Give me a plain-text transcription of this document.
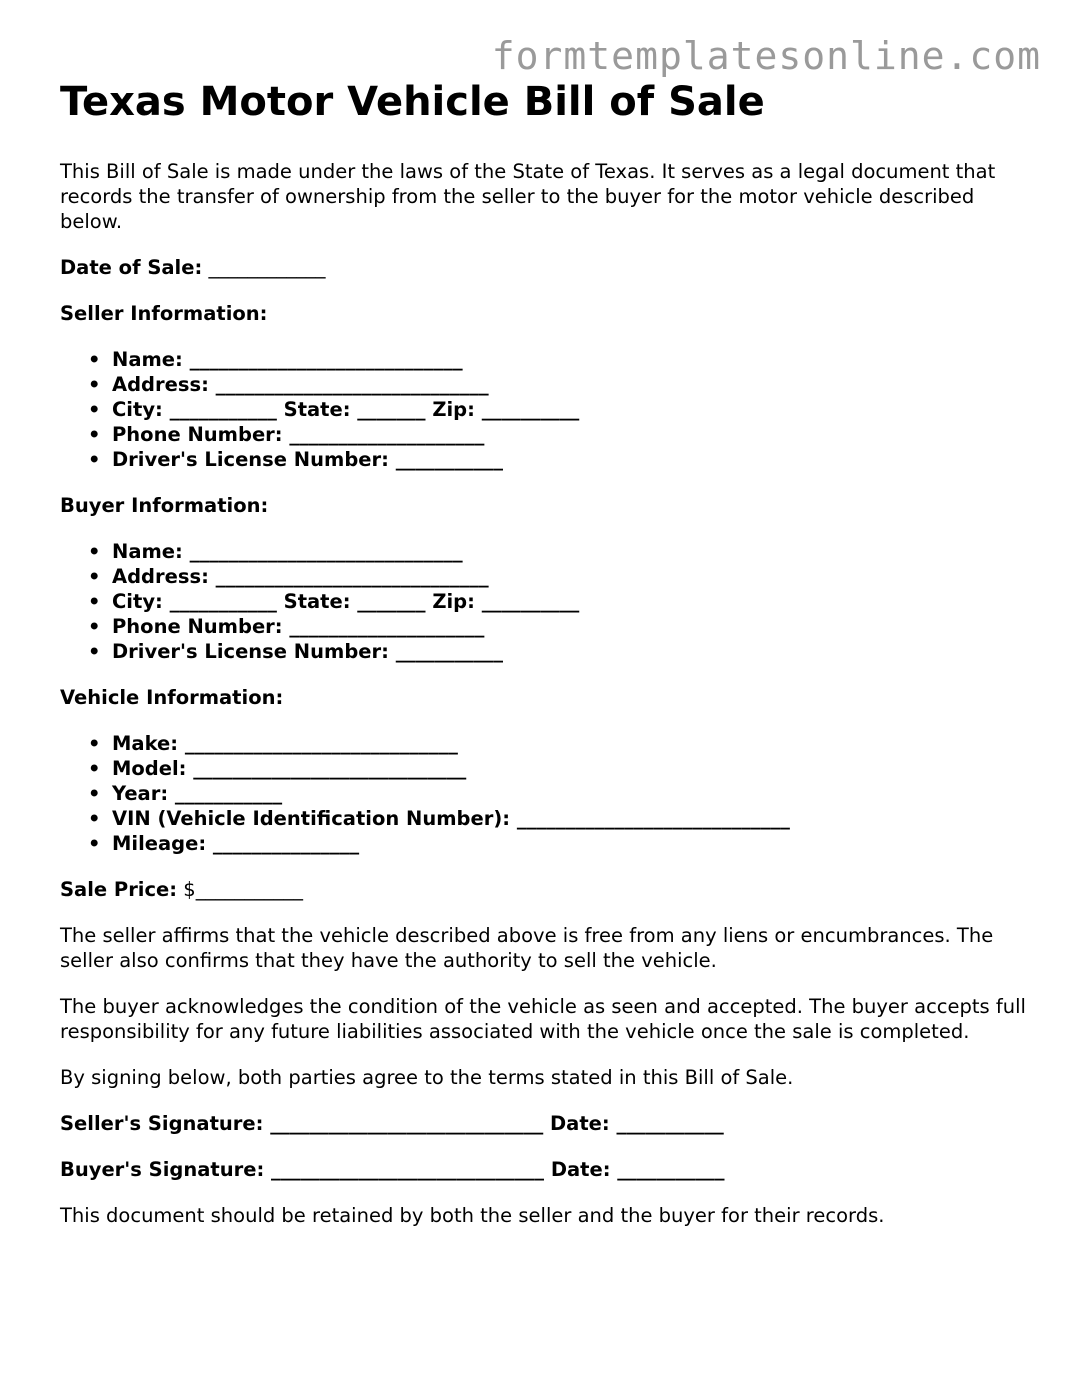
formtemplatesonline.com
Texas Motor Vehicle Bill of Sale

This Bill of Sale is made under the laws of the State of Texas. It serves as a legal document that records the transfer of ownership from the seller to the buyer for the motor vehicle described below.

Date of Sale: ____________

Seller Information:

• Name: ____________________________
• Address: ____________________________
• City: ___________ State: _______ Zip: __________
• Phone Number: ____________________
• Driver's License Number: ___________

Buyer Information:

• Name: ____________________________
• Address: ____________________________
• City: ___________ State: _______ Zip: __________
• Phone Number: ____________________
• Driver's License Number: ___________

Vehicle Information:

• Make: ____________________________
• Model: ____________________________
• Year: ___________
• VIN (Vehicle Identification Number): ____________________________
• Mileage: _______________

Sale Price: $___________

The seller affirms that the vehicle described above is free from any liens or encumbrances. The seller also confirms that they have the authority to sell the vehicle.

The buyer acknowledges the condition of the vehicle as seen and accepted. The buyer accepts full responsibility for any future liabilities associated with the vehicle once the sale is completed.

By signing below, both parties agree to the terms stated in this Bill of Sale.

Seller's Signature: ____________________________ Date: ___________

Buyer's Signature: ____________________________ Date: ___________

This document should be retained by both the seller and the buyer for their records.
